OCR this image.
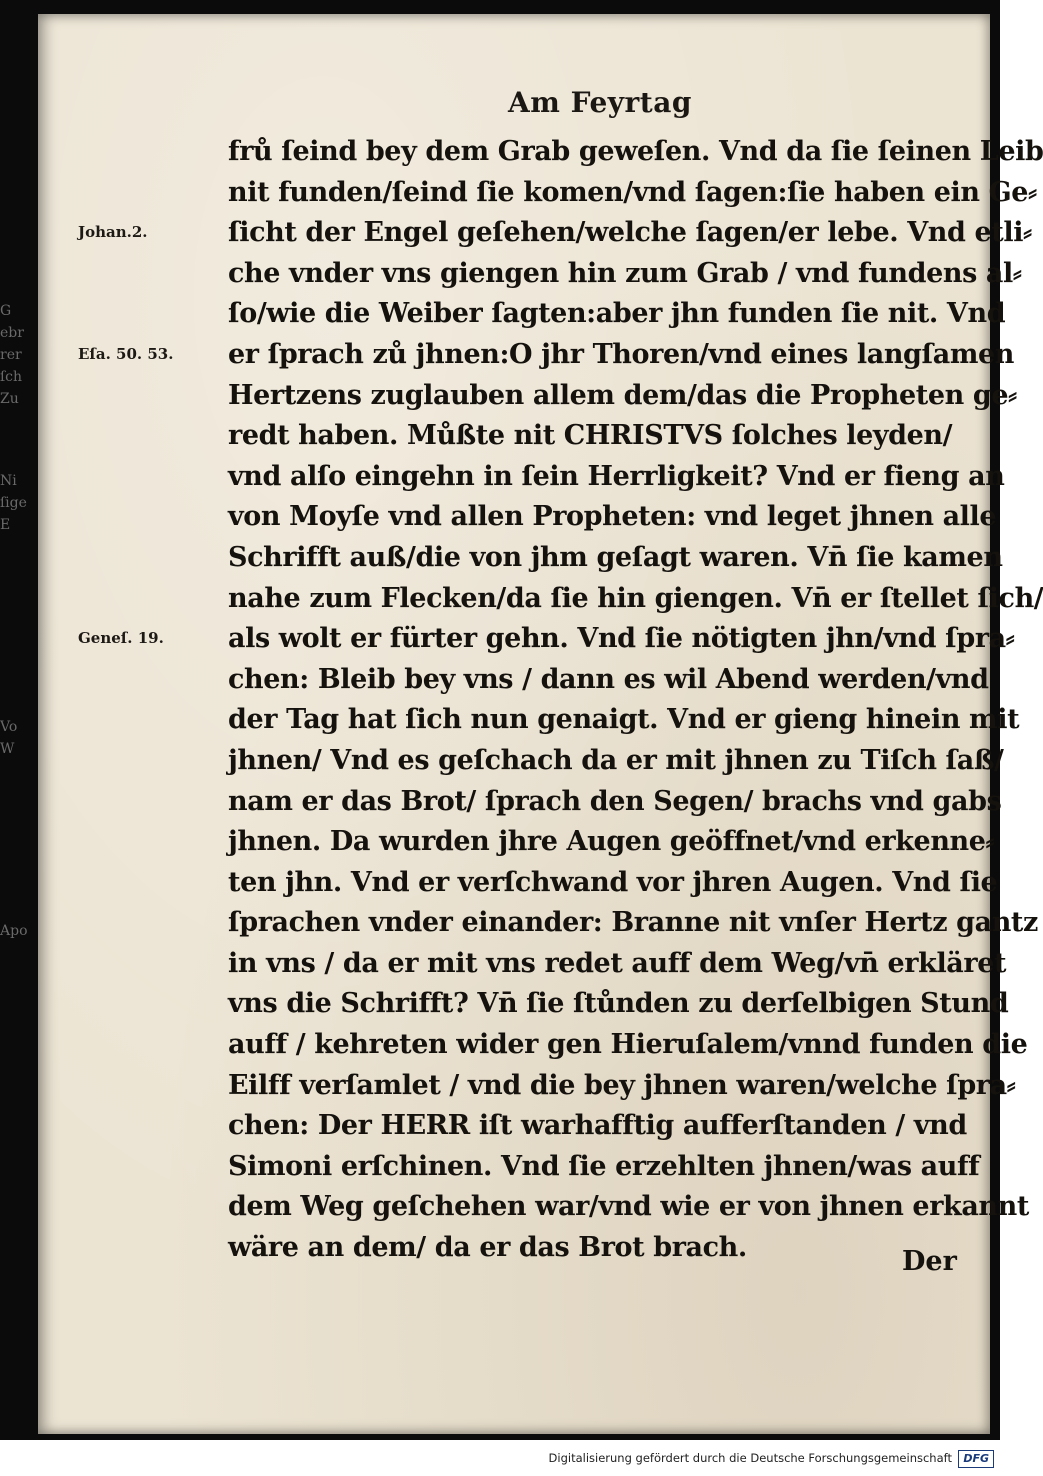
G
ebr
rer
ſch
Zu
Ni
ſige
E
Vo
W
Apo
Am Feyrtag
frů ſeind bey dem Grab geweſen. Vnd da ſie ſeinen Leib
nit funden/ſeind ſie komen/vnd ſagen:ſie haben ein Ge⸗
ſicht der Engel geſehen/welche ſagen/er lebe. Vnd etli⸗
che vnder vns giengen hin zum Grab / vnd fundens al⸗
ſo/wie die Weiber ſagten:aber jhn funden ſie nit. Vnd
er ſprach zů jhnen:O jhr Thoren/vnd eines langſamen
Hertzens zuglauben allem dem/das die Propheten ge⸗
redt haben. Můßte nit CHRISTVS ſolches leyden/
vnd alſo eingehn in ſein Herrligkeit? Vnd er fieng an
von Moyſe vnd allen Propheten: vnd leget jhnen alle
Schrifft auß/die von jhm geſagt waren. Vn̄ ſie kamen
nahe zum Flecken/da ſie hin giengen. Vn̄ er ſtellet ſich/
als wolt er fürter gehn. Vnd ſie nötigten jhn/vnd ſpra⸗
chen: Bleib bey vns / dann es wil Abend werden/vnd
der Tag hat ſich nun genaigt. Vnd er gieng hinein mit
jhnen/ Vnd es geſchach da er mit jhnen zu Tiſch ſaß/
nam er das Brot/ ſprach den Segen/ brachs vnd gabs
jhnen. Da wurden jhre Augen geöffnet/vnd erkenne⸗
ten jhn. Vnd er verſchwand vor jhren Augen. Vnd ſie
ſprachen vnder einander: Branne nit vnſer Hertz gantz
in vns / da er mit vns redet auff dem Weg/vn̄ erkläret
vns die Schrifft? Vn̄ ſie ſtůnden zu derſelbigen Stund
auff / kehreten wider gen Hieruſalem/vnnd funden die
Eilff verſamlet / vnd die bey jhnen waren/welche ſpra⸗
chen: Der HERR iſt warhafftig aufferſtanden / vnd
Simoni erſchinen. Vnd ſie erzehlten jhnen/was auff
dem Weg geſchehen war/vnd wie er von jhnen erkannt
wäre an dem/ da er das Brot brach.
Johan.2.
Eſa. 50. 53.
Geneſ. 19.
Der
Digitalisierung gefördert durch die Deutsche Forschungsgemeinschaft	DFG
